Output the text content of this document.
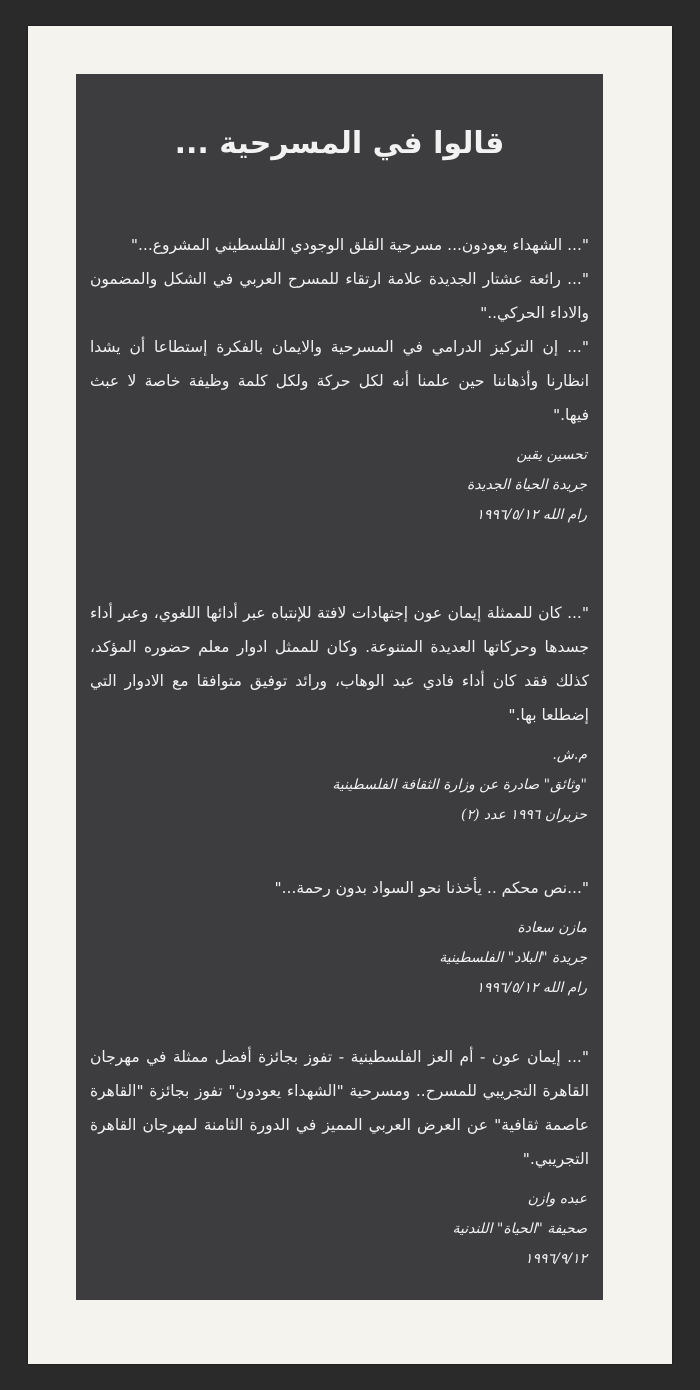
قالوا في المسرحية ...

"... الشهداء يعودون... مسرحية القلق الوجودي الفلسطيني المشروع..."

"... رائعة عشتار الجديدة علامة ارتقاء للمسرح العربي في الشكل والمضمون والاداء الحركي.."

"... إن التركيز الدرامي في المسرحية والايمان بالفكرة إستطاعا أن يشدا انظارنا وأذهاننا حين علمنا أنه لكل حركة ولكل كلمة وظيفة خاصة لا عبث فيها."

تحسين يقين
جريدة الحياة الجديدة
رام الله ١٩٩٦/٥/١٢

"... كان للممثلة إيمان عون إجتهادات لافتة للإنتباه عبر أدائها اللغوي، وعبر أداء جسدها وحركاتها العديدة المتنوعة. وكان للممثل ادوار معلم حضوره المؤكد، كذلك فقد كان أداء فادي عبد الوهاب، ورائد توفيق متوافقا مع الادوار التي إضطلعا بها."

م.ش.
"وثائق" صادرة عن وزارة الثقافة الفلسطينية
حزيران ١٩٩٦ عدد (٢)

"...نص محكم .. يأخذنا نحو السواد بدون رحمة..."

مازن سعادة
جريدة "البلاد" الفلسطينية
رام الله ١٩٩٦/٥/١٢

"... إيمان عون - أم العز الفلسطينية - تفوز بجائزة أفضل ممثلة في مهرجان القاهرة التجريبي للمسرح.. ومسرحية "الشهداء يعودون" تفوز بجائزة "القاهرة عاصمة ثقافية" عن العرض العربي المميز في الدورة الثامنة لمهرجان القاهرة التجريبي."

عبده وازن
صحيفة "الحياة" اللندنية
١٩٩٦/٩/١٢
